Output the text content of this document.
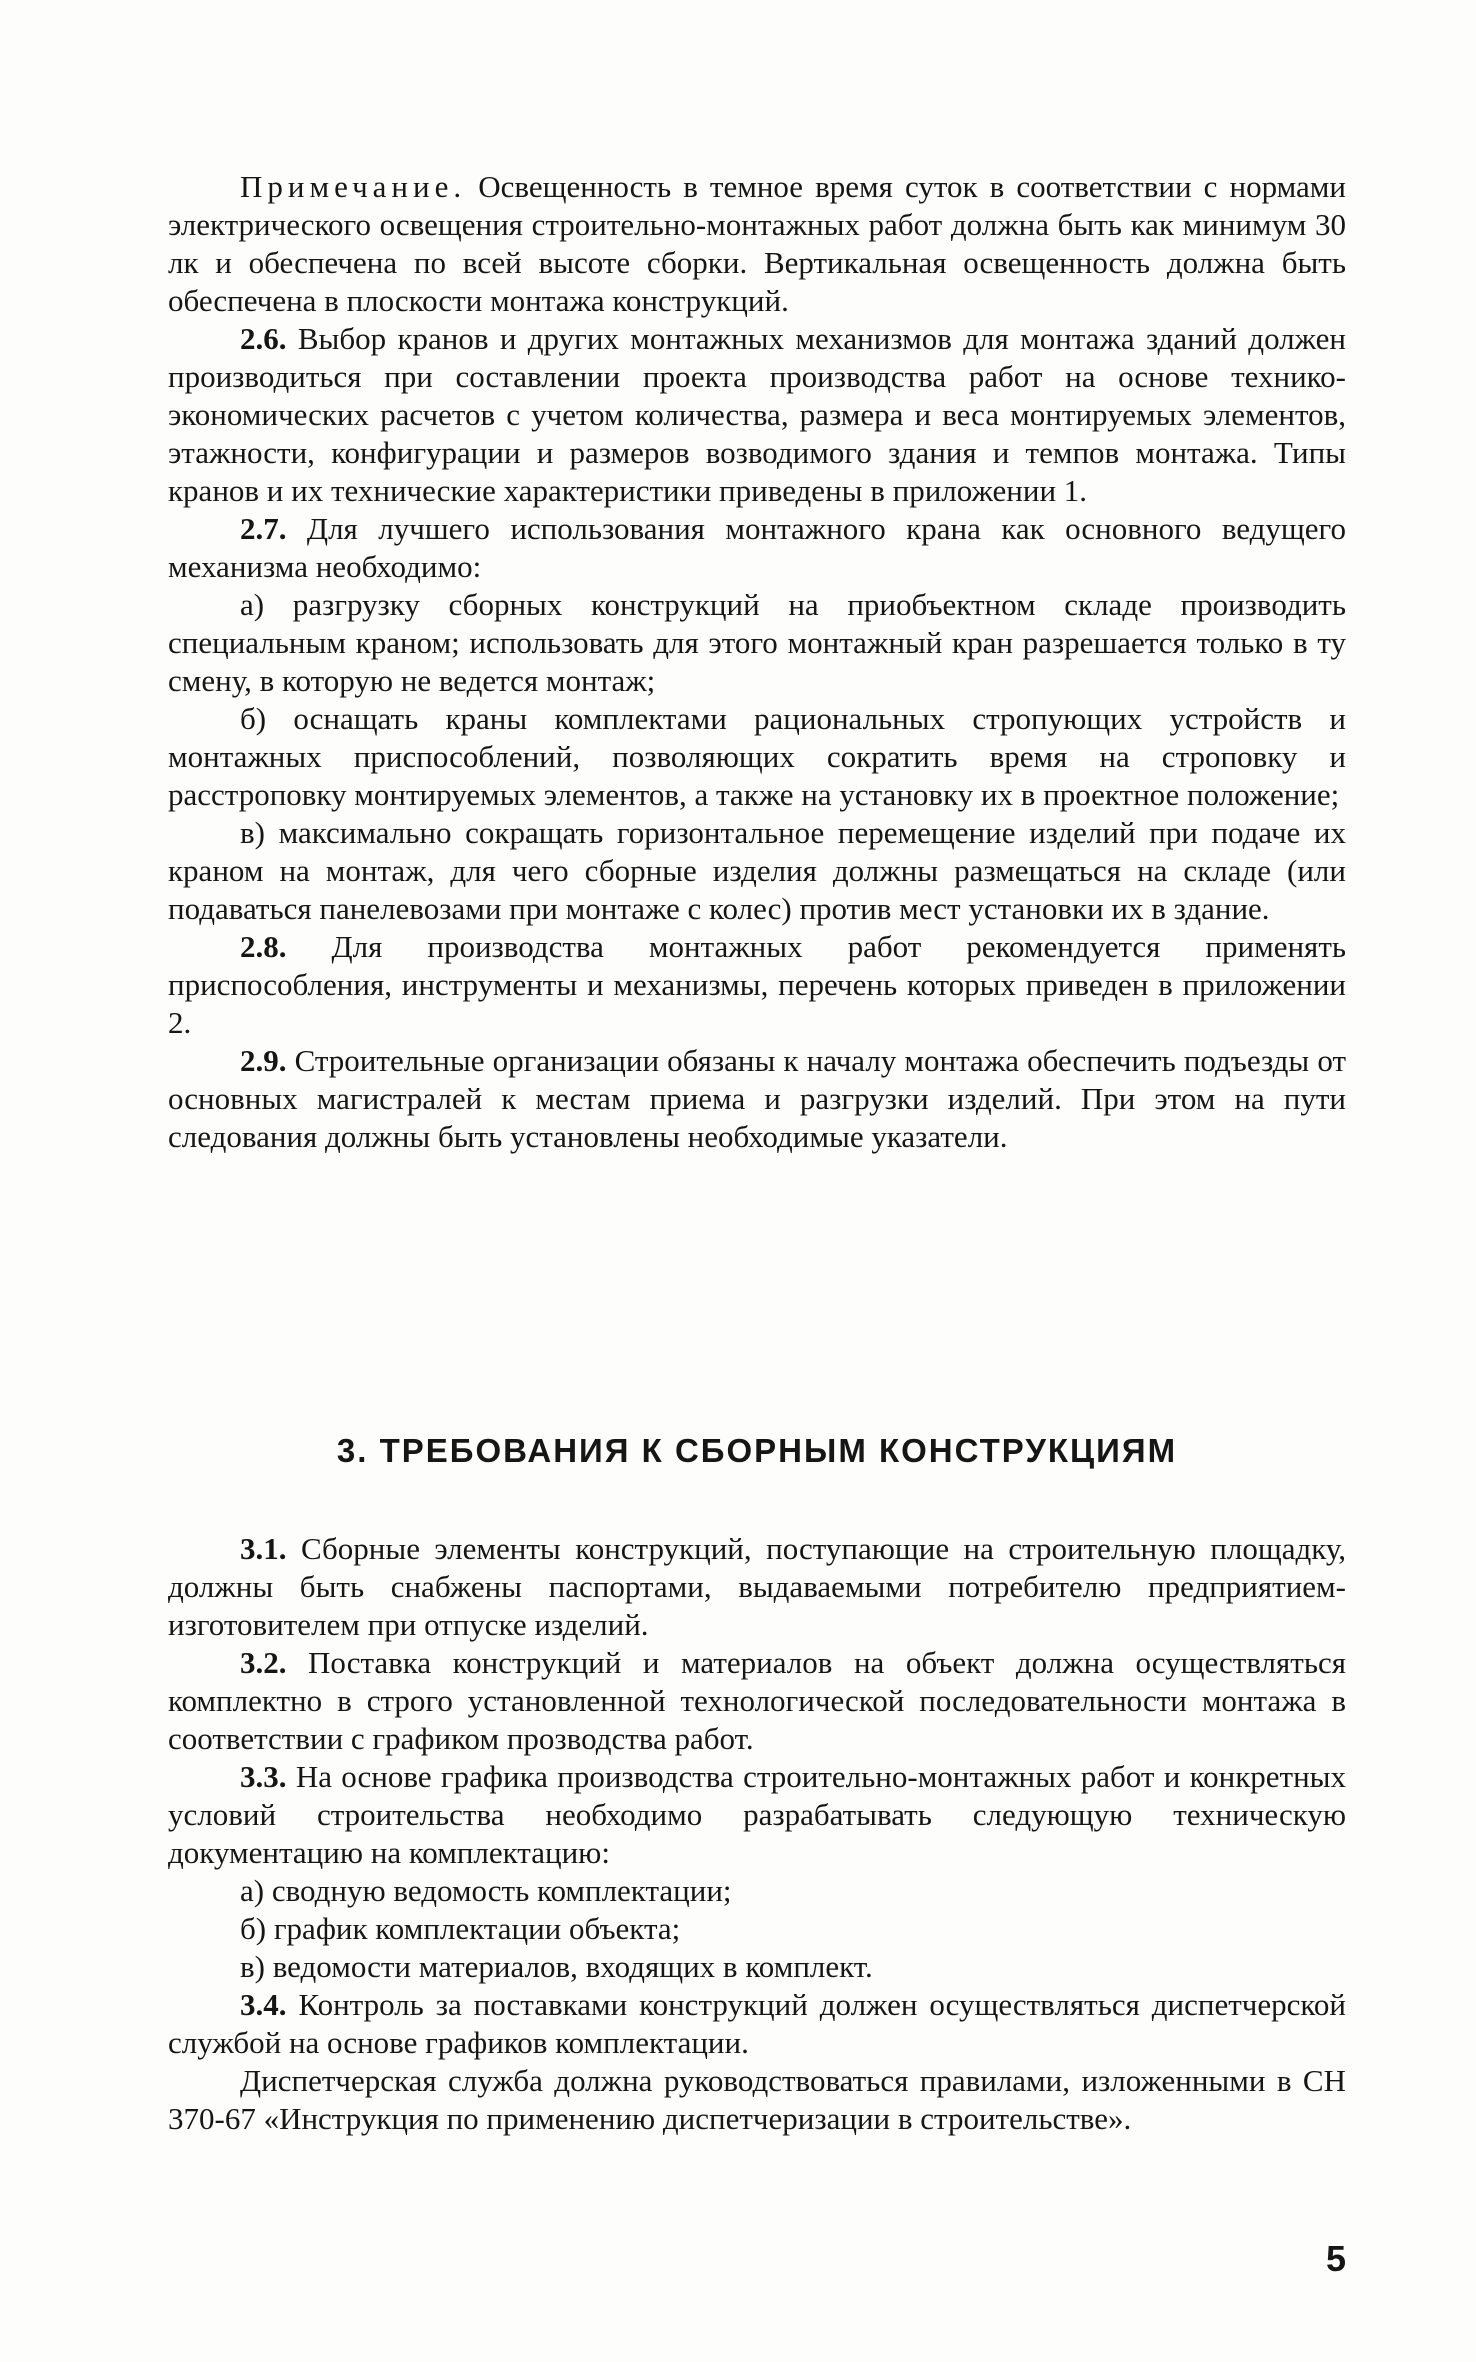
Примечание. Освещенность в темное время суток в соответствии с нормами электрического освещения строительно-монтажных работ должна быть как минимум 30 лк и обеспечена по всей высоте сборки. Вертикальная освещенность должна быть обеспечена в плоскости монтажа конструкций.

2.6. Выбор кранов и других монтажных механизмов для монтажа зданий должен производиться при составлении проекта производства работ на основе технико-экономических расчетов с учетом количества, размера и веса монтируемых элементов, этажности, конфигурации и размеров возводимого здания и темпов монтажа. Типы кранов и их технические характеристики приведены в приложении 1.

2.7. Для лучшего использования монтажного крана как основного ведущего механизма необходимо:

а) разгрузку сборных конструкций на приобъектном складе производить специальным краном; использовать для этого монтажный кран разрешается только в ту смену, в которую не ведется монтаж;

б) оснащать краны комплектами рациональных стропующих устройств и монтажных приспособлений, позволяющих сократить время на строповку и расстроповку монтируемых элементов, а также на установку их в проектное положение;

в) максимально сокращать горизонтальное перемещение изделий при подаче их краном на монтаж, для чего сборные изделия должны размещаться на складе (или подаваться панелевозами при монтаже с колес) против мест установки их в здание.

2.8. Для производства монтажных работ рекомендуется применять приспособления, инструменты и механизмы, перечень которых приведен в приложении 2.

2.9. Строительные организации обязаны к началу монтажа обеспечить подъезды от основных магистралей к местам приема и разгрузки изделий. При этом на пути следования должны быть установлены необходимые указатели.

3. ТРЕБОВАНИЯ К СБОРНЫМ КОНСТРУКЦИЯМ

3.1. Сборные элементы конструкций, поступающие на строительную площадку, должны быть снабжены паспортами, выдаваемыми потребителю предприятием-изготовителем при отпуске изделий.

3.2. Поставка конструкций и материалов на объект должна осуществляться комплектно в строго установленной технологической последовательности монтажа в соответствии с графиком прозводства работ.

3.3. На основе графика производства строительно-монтажных работ и конкретных условий строительства необходимо разрабатывать следующую техническую документацию на комплектацию:

а) сводную ведомость комплектации;

б) график комплектации объекта;

в) ведомости материалов, входящих в комплект.

3.4. Контроль за поставками конструкций должен осуществляться диспетчерской службой на основе графиков комплектации.

Диспетчерская служба должна руководствоваться правилами, изложенными в СН 370-67 «Инструкция по применению диспетчеризации в строительстве».

5
